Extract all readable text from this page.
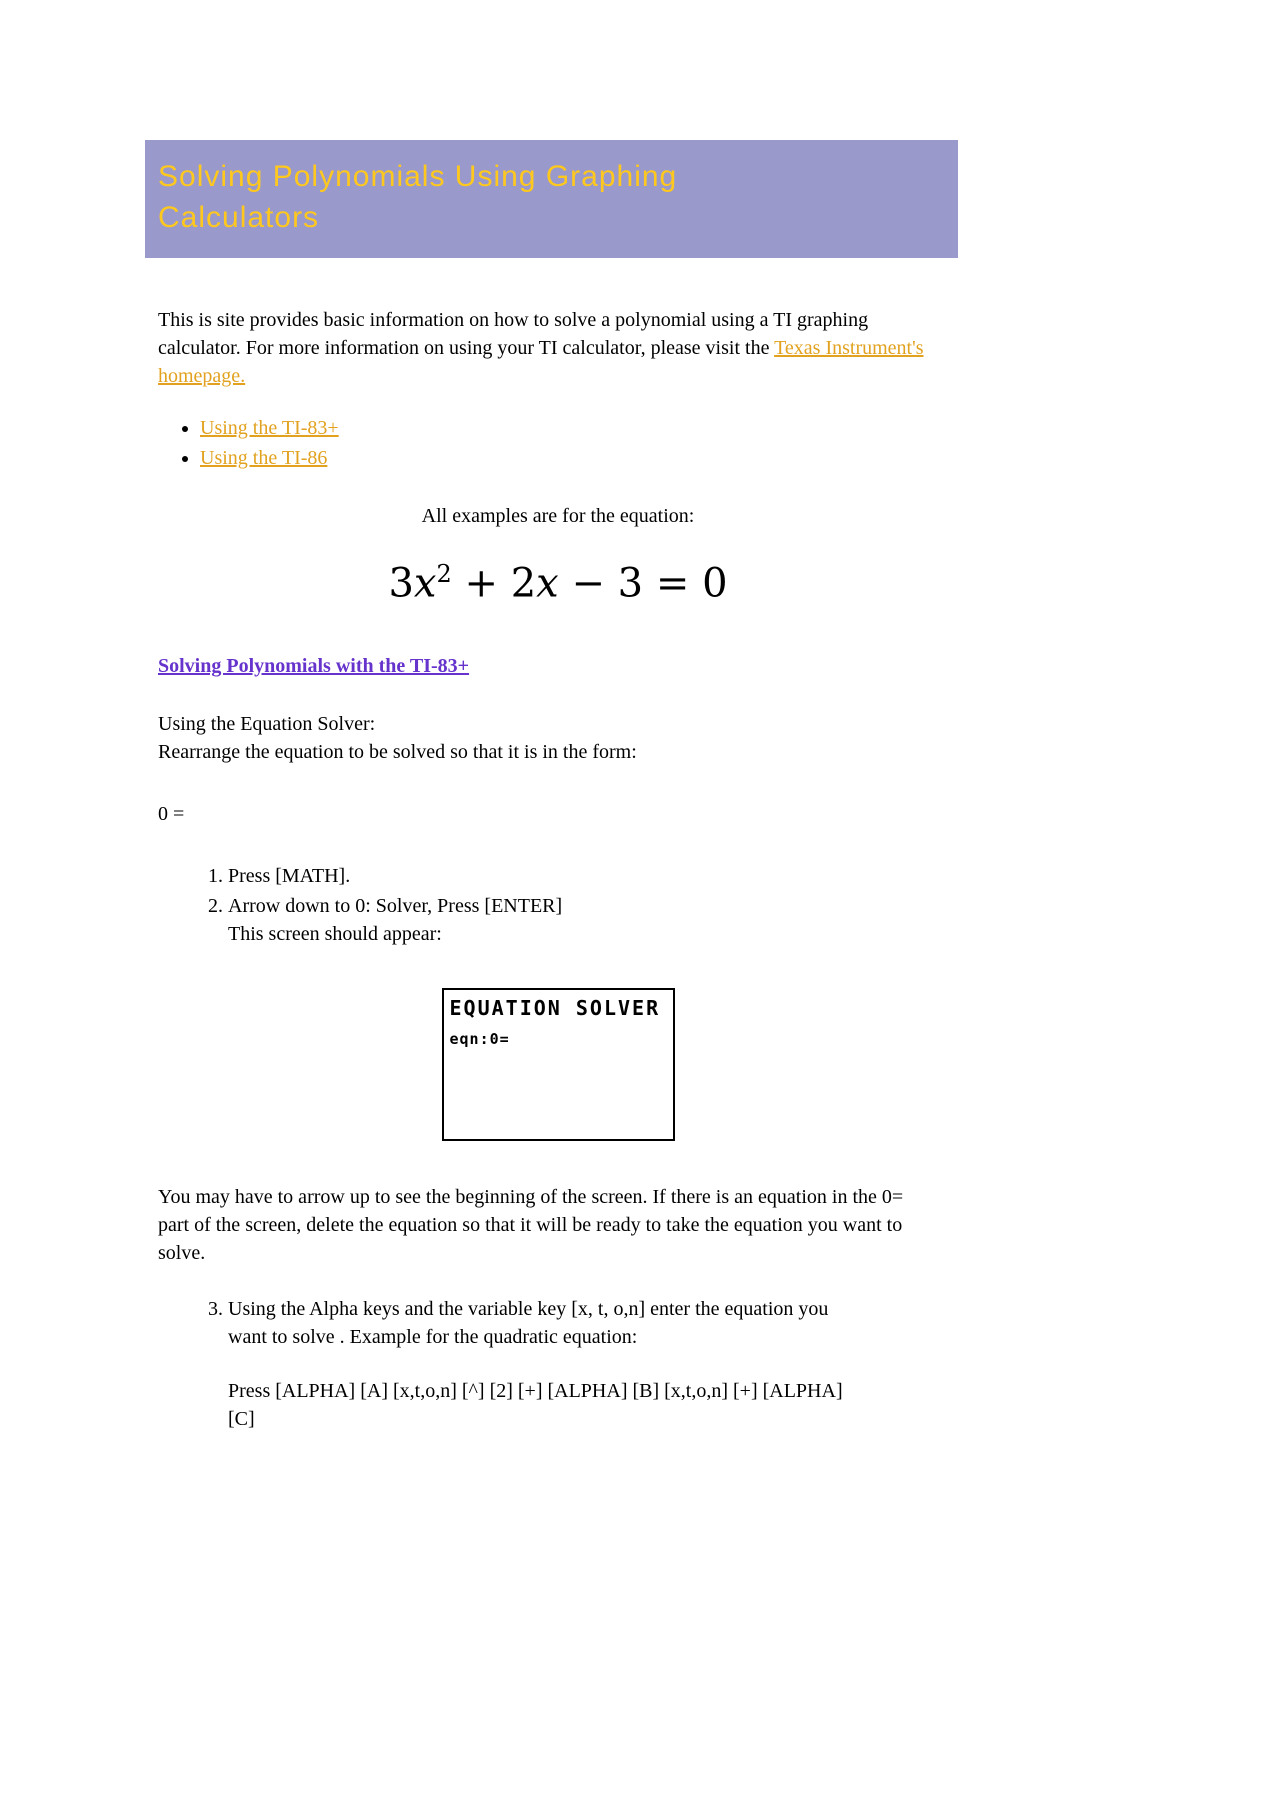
Solving Polynomials Using Graphing Calculators

This is site provides basic information on how to solve a polynomial using a TI graphing calculator. For more information on using your TI calculator, please visit the Texas Instrument's homepage.

• Using the TI-83+
• Using the TI-86

All examples are for the equation:

$3x^2 + 2x - 3 = 0$
Solving Polynomials with the TI-83+

Using the Equation Solver:
Rearrange the equation to be solved so that it is in the form:

0 =

1. Press [MATH].
2. Arrow down to 0: Solver, Press [ENTER]
This screen should appear:
EQUATION SOLVER
eqn:0=

You may have to arrow up to see the beginning of the screen. If there is an equation in the 0= part of the screen, delete the equation so that it will be ready to take the equation you want to solve.

3. Using the Alpha keys and the variable key [x, t, o,n] enter the equation you want to solve . Example for the quadratic equation:

Press [ALPHA] [A] [x,t,o,n] [^] [2] [+] [ALPHA] [B] [x,t,o,n] [+] [ALPHA] [C]
